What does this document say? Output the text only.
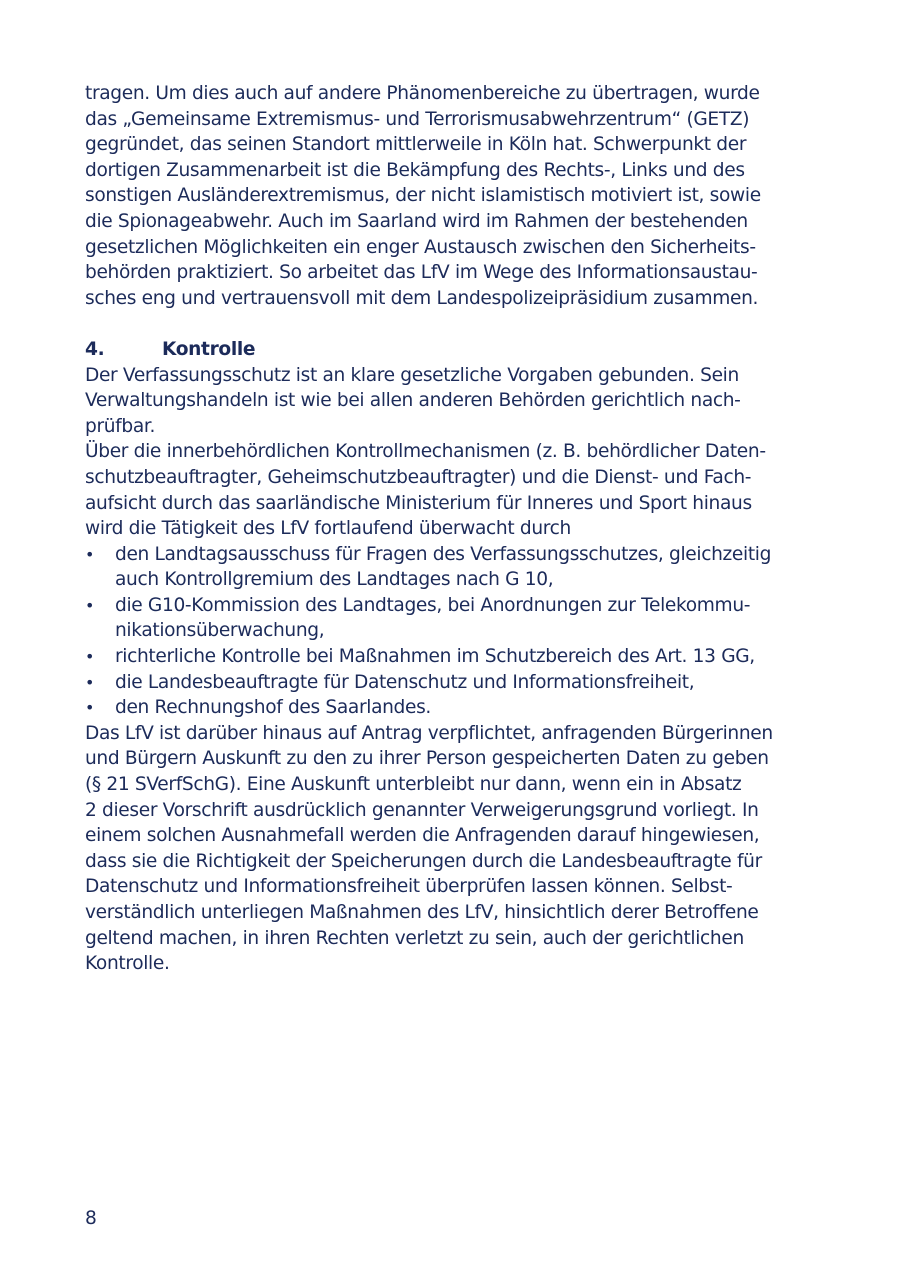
tragen. Um dies auch auf andere Phänomenbereiche zu übertragen, wurde
das „Gemeinsame Extremismus- und Terrorismusabwehrzentrum“ (GETZ)
gegründet, das seinen Standort mittlerweile in Köln hat. Schwerpunkt der
dortigen Zusammenarbeit ist die Bekämpfung des Rechts-, Links und des
sonstigen Ausländerextremismus, der nicht islamistisch motiviert ist, sowie
die Spionageabwehr. Auch im Saarland wird im Rahmen der bestehenden
gesetzlichen Möglichkeiten ein enger Austausch zwischen den Sicherheits-
behörden praktiziert. So arbeitet das LfV im Wege des Informationsaustau-
sches eng und vertrauensvoll mit dem Landespolizeipräsidium zusammen.
4.	Kontrolle
Der Verfassungsschutz ist an klare gesetzliche Vorgaben gebunden. Sein
Verwaltungshandeln ist wie bei allen anderen Behörden gerichtlich nach-
prüfbar.
Über die innerbehördlichen Kontrollmechanismen (z. B. behördlicher Daten-
schutzbeauftragter, Geheimschutzbeauftragter) und die Dienst- und Fach-
aufsicht durch das saarländische Ministerium für Inneres und Sport hinaus
wird die Tätigkeit des LfV fortlaufend überwacht durch
• den Landtagsausschuss für Fragen des Verfassungsschutzes, gleichzeitig
auch Kontrollgremium des Landtages nach G 10,
• die G10-Kommission des Landtages, bei Anordnungen zur Telekommu-
nikationsüberwachung,
• richterliche Kontrolle bei Maßnahmen im Schutzbereich des Art. 13 GG,
• die Landesbeauftragte für Datenschutz und Informationsfreiheit,
• den Rechnungshof des Saarlandes.
Das LfV ist darüber hinaus auf Antrag verpflichtet, anfragenden Bürgerinnen
und Bürgern Auskunft zu den zu ihrer Person gespeicherten Daten zu geben
(§ 21 SVerfSchG). Eine Auskunft unterbleibt nur dann, wenn ein in Absatz
2 dieser Vorschrift ausdrücklich genannter Verweigerungsgrund vorliegt. In
einem solchen Ausnahmefall werden die Anfragenden darauf hingewiesen,
dass sie die Richtigkeit der Speicherungen durch die Landesbeauftragte für
Datenschutz und Informationsfreiheit überprüfen lassen können. Selbst-
verständlich unterliegen Maßnahmen des LfV, hinsichtlich derer Betroffene
geltend machen, in ihren Rechten verletzt zu sein, auch der gerichtlichen
Kontrolle.
8
